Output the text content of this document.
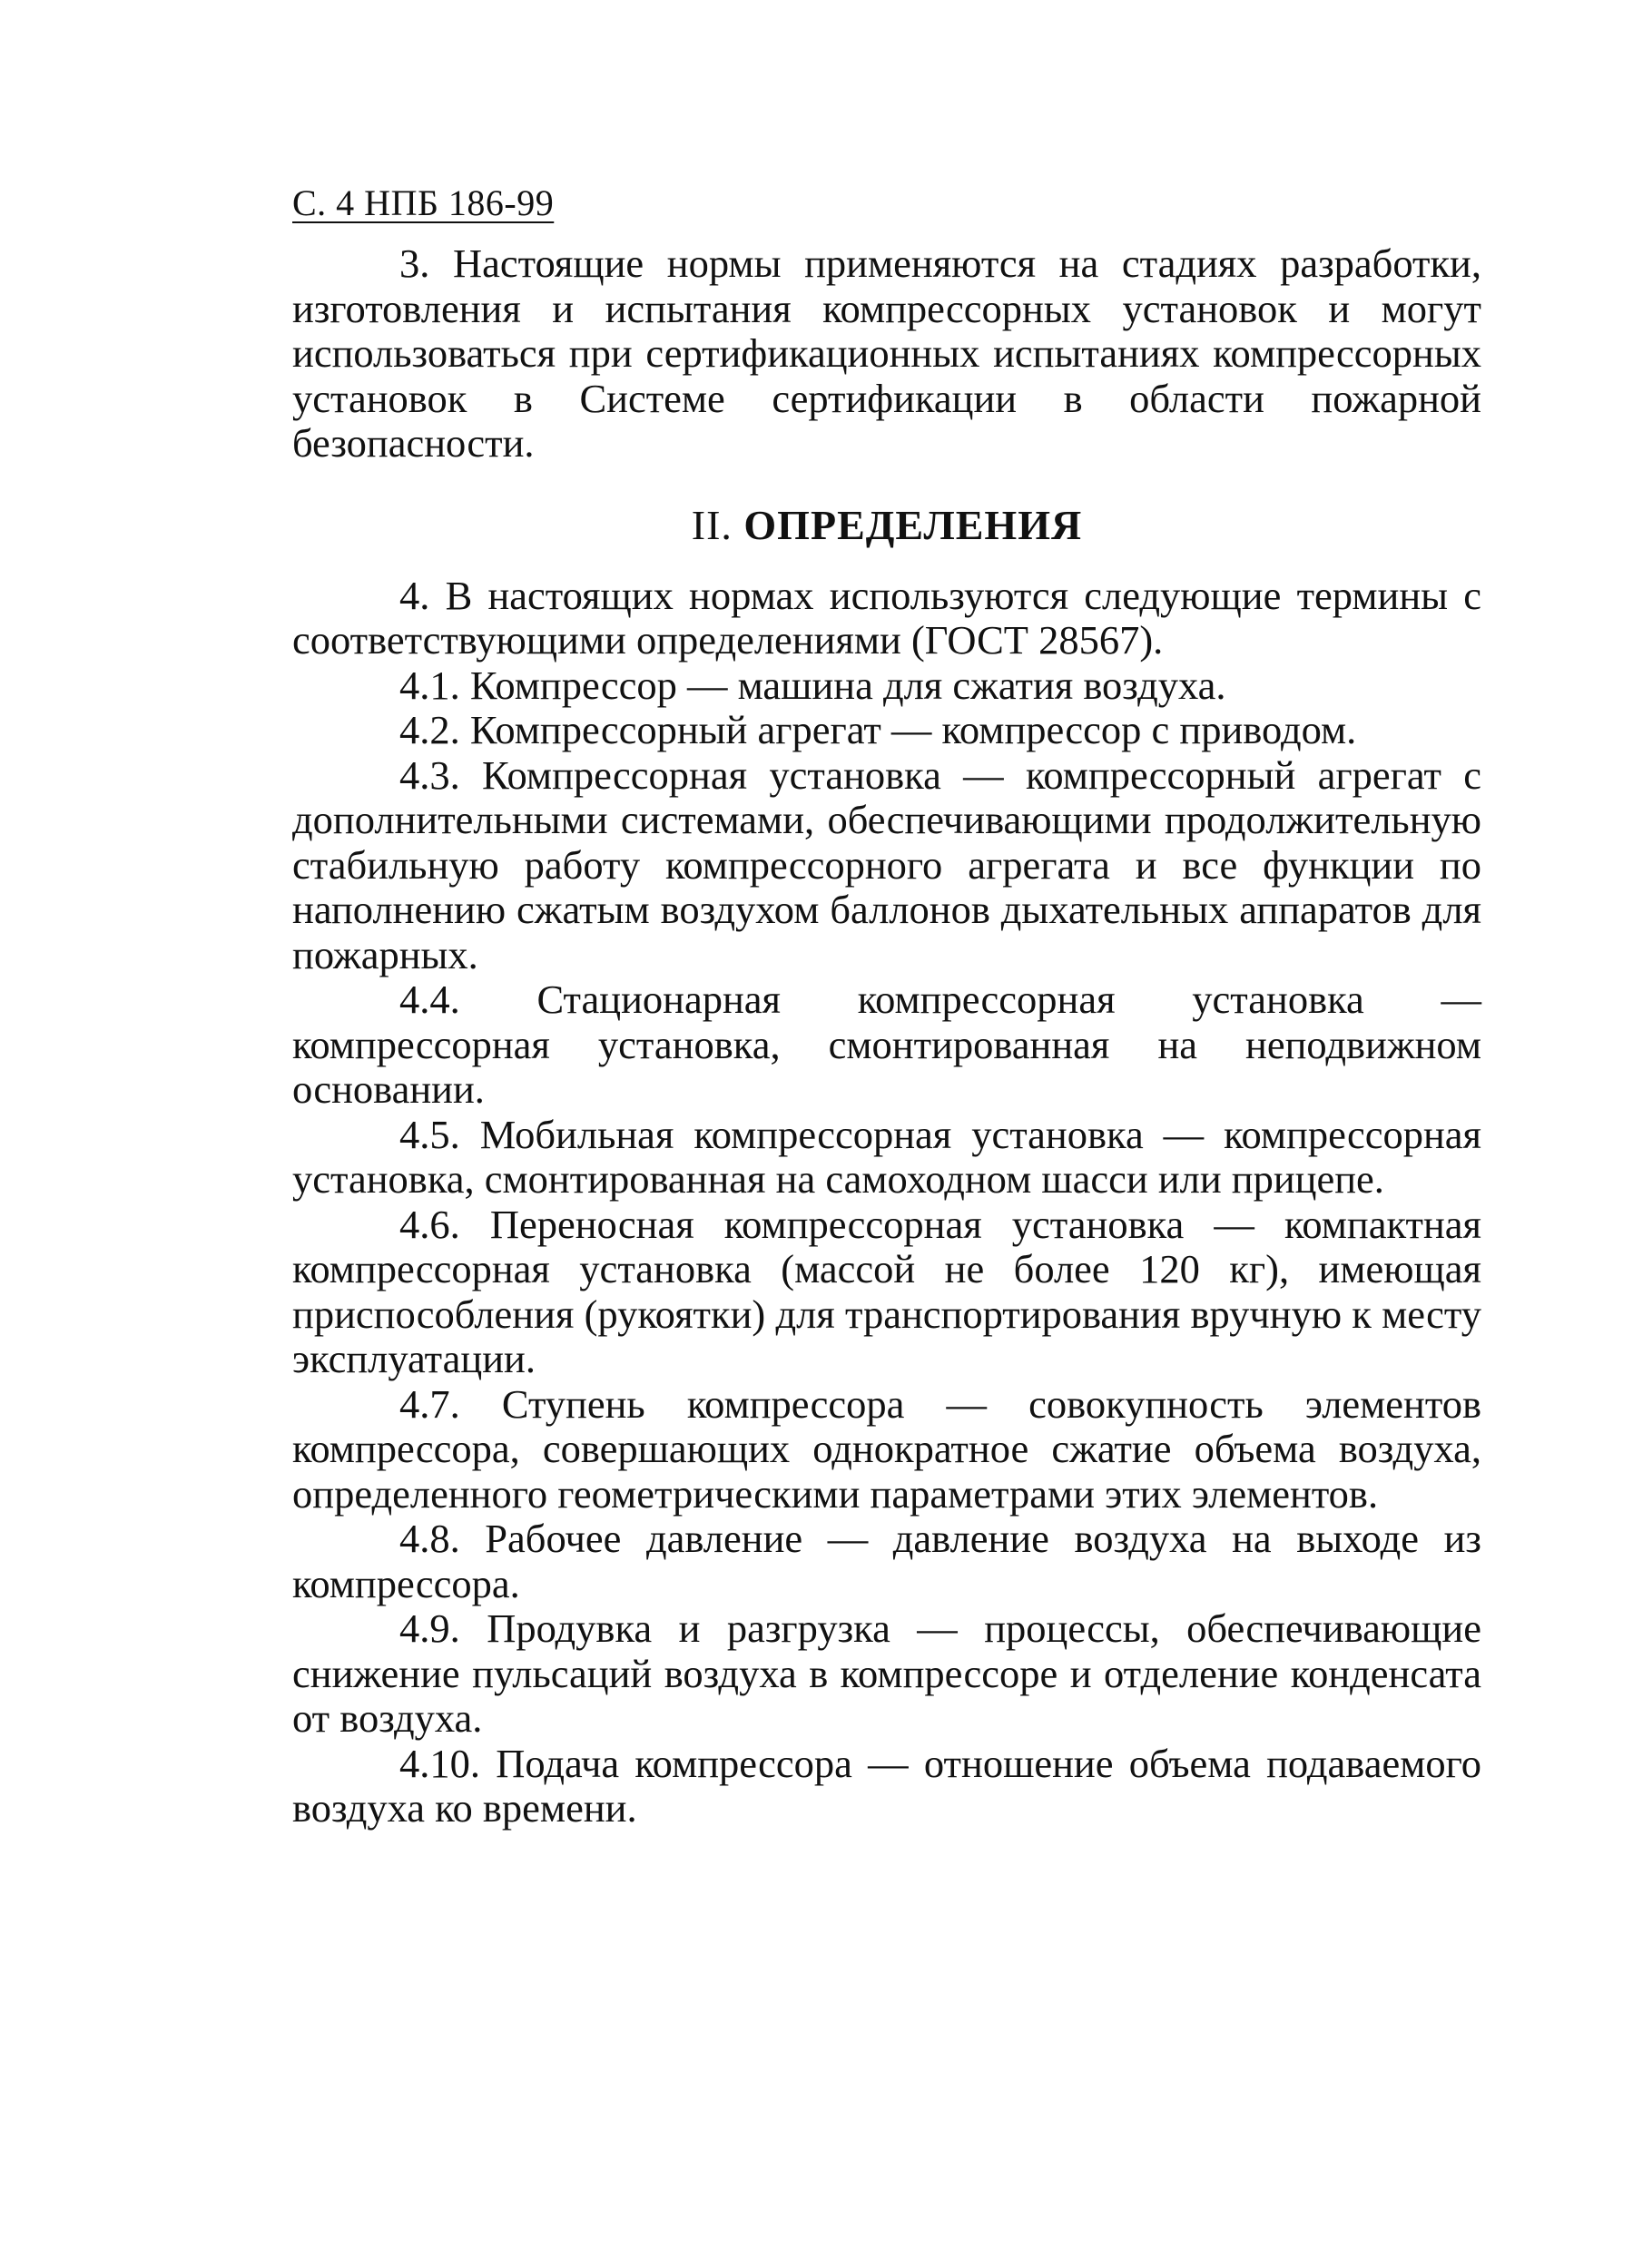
С. 4 НПБ 186-99

3. Настоящие нормы применяются на стадиях разработки, изготовления и испытания компрессорных установок и могут использоваться при сертификационных испытаниях компрессорных установок в Системе сертификации в области пожарной безопасности.

II. ОПРЕДЕЛЕНИЯ

4. В настоящих нормах используются следующие термины с соответствующими определениями (ГОСТ 28567).

4.1. Компрессор — машина для сжатия воздуха.

4.2. Компрессорный агрегат — компрессор с приводом.

4.3. Компрессорная установка — компрессорный агрегат с дополнительными системами, обеспечивающими продолжительную стабильную работу компрессорного агрегата и все функции по наполнению сжатым воздухом баллонов дыхательных аппаратов для пожарных.

4.4. Стационарная компрессорная установка — компрессорная установка, смонтированная на неподвижном основании.

4.5. Мобильная компрессорная установка — компрессорная установка, смонтированная на самоходном шасси или прицепе.

4.6. Переносная компрессорная установка — компактная компрессорная установка (массой не более 120 кг), имеющая приспособления (рукоятки) для транспортирования вручную к месту эксплуатации.

4.7. Ступень компрессора — совокупность элементов компрессора, совершающих однократное сжатие объема воздуха, определенного геометрическими параметрами этих элементов.

4.8. Рабочее давление — давление воздуха на выходе из компрессора.

4.9. Продувка и разгрузка — процессы, обеспечивающие снижение пульсаций воздуха в компрессоре и отделение конденсата от воздуха.

4.10. Подача компрессора — отношение объема подаваемого воздуха ко времени.
